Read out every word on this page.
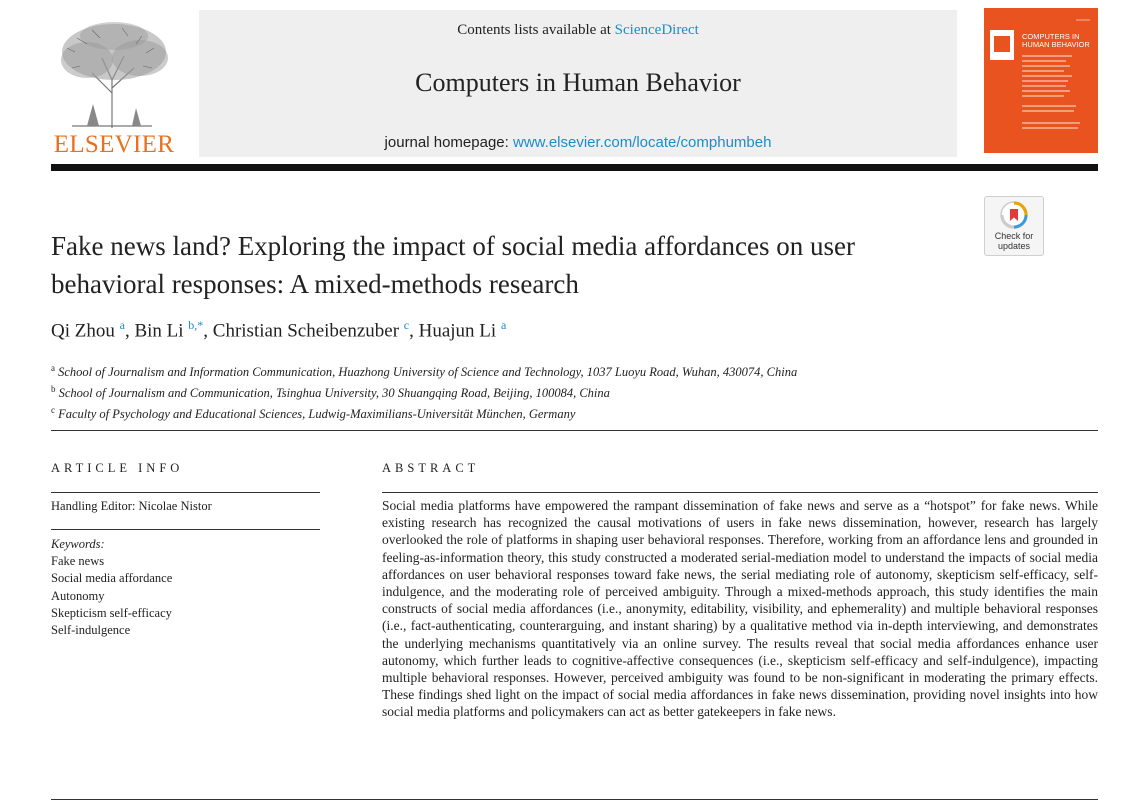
ELSEVIER
Contents lists available at ScienceDirect
Computers in Human Behavior
journal homepage: www.elsevier.com/locate/comphumbeh
COMPUTERS IN HUMAN BEHAVIOR
Check for
updates
Fake news land? Exploring the impact of social media affordances on user behavioral responses: A mixed-methods research
Qi Zhou $^a$, Bin Li $^{b,*}$, Christian Scheibenzuber $^c$, Huajun Li $^a$
$^a$ School of Journalism and Information Communication, Huazhong University of Science and Technology, 1037 Luoyu Road, Wuhan, 430074, China
$^b$ School of Journalism and Communication, Tsinghua University, 30 Shuangqing Road, Beijing, 100084, China
$^c$ Faculty of Psychology and Educational Sciences, Ludwig-Maximilians-Universität München, Germany
ARTICLE INFO
Handling Editor: Nicolae Nistor
Keywords:
Fake news
Social media affordance
Autonomy
Skepticism self-efficacy
Self-indulgence
ABSTRACT
Social media platforms have empowered the rampant dissemination of fake news and serve as a “hotspot” for fake news. While existing research has recognized the causal motivations of users in fake news dissemination, however, research has largely overlooked the role of platforms in shaping user behavioral responses. Therefore, working from an affordance lens and grounded in feeling-as-information theory, this study constructed a moderated serial-mediation model to understand the impacts of social media affordances on user behavioral responses toward fake news, the serial mediating role of autonomy, skepticism self-efficacy, self-indulgence, and the moderating role of perceived ambiguity. Through a mixed-methods approach, this study identifies the main constructs of social media affordances (i.e., anonymity, editability, visibility, and ephemerality) and multiple behavioral responses (i.e., fact-authenticating, counterarguing, and instant sharing) by a qualitative method via in-depth interviewing, and demonstrates the underlying mechanisms quantitatively via an online survey. The results reveal that social media affordances enhance user autonomy, which further leads to cognitive-affective consequences (i.e., skepticism self-efficacy and self-indulgence), impacting multiple behavioral responses. However, perceived ambiguity was found to be non-significant in moderating the primary effects. These findings shed light on the impact of social media affordances in fake news dissemination, providing novel insights into how social media platforms and policymakers can act as better gatekeepers in fake news.
